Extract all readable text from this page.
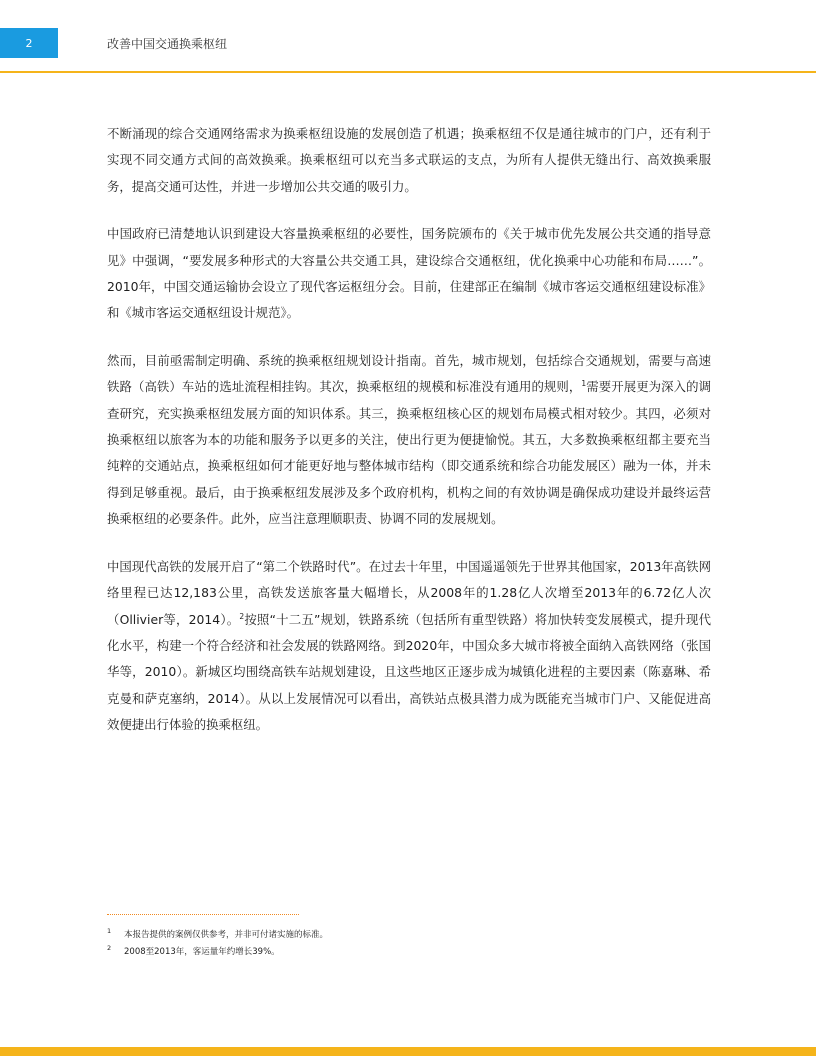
2	改善中国交通换乘枢纽

不断涌现的综合交通网络需求为换乘枢纽设施的发展创造了机遇；换乘枢纽不仅是通往城市的门户，还有利于实现不同交通方式间的高效换乘。换乘枢纽可以充当多式联运的支点，为所有人提供无缝出行、高效换乘服务，提高交通可达性，并进一步增加公共交通的吸引力。

中国政府已清楚地认识到建设大容量换乘枢纽的必要性，国务院颁布的《关于城市优先发展公共交通的指导意见》中强调，“要发展多种形式的大容量公共交通工具，建设综合交通枢纽，优化换乘中心功能和布局……”。2010年，中国交通运输协会设立了现代客运枢纽分会。目前，住建部正在编制《城市客运交通枢纽建设标准》和《城市客运交通枢纽设计规范》。

然而，目前亟需制定明确、系统的换乘枢纽规划设计指南。首先，城市规划，包括综合交通规划，需要与高速铁路（高铁）车站的选址流程相挂钩。其次，换乘枢纽的规模和标准没有通用的规则，$^1$需要开展更为深入的调查研究，充实换乘枢纽发展方面的知识体系。其三，换乘枢纽核心区的规划布局模式相对较少。其四，必须对换乘枢纽以旅客为本的功能和服务予以更多的关注，使出行更为便捷愉悦。其五，大多数换乘枢纽都主要充当纯粹的交通站点，换乘枢纽如何才能更好地与整体城市结构（即交通系统和综合功能发展区）融为一体，并未得到足够重视。最后，由于换乘枢纽发展涉及多个政府机构，机构之间的有效协调是确保成功建设并最终运营换乘枢纽的必要条件。此外，应当注意理顺职责、协调不同的发展规划。

中国现代高铁的发展开启了“第二个铁路时代”。在过去十年里，中国遥遥领先于世界其他国家，2013年高铁网络里程已达12,183公里，高铁发送旅客量大幅增长，从2008年的1.28亿人次增至2013年的6.72亿人次（Ollivier等，2014）。$^2$按照“十二五”规划，铁路系统（包括所有重型铁路）将加快转变发展模式，提升现代化水平，构建一个符合经济和社会发展的铁路网络。到2020年，中国众多大城市将被全面纳入高铁网络（张国华等，2010）。新城区均围绕高铁车站规划建设，且这些地区正逐步成为城镇化进程的主要因素（陈嘉琳、希克曼和萨克塞纳，2014）。从以上发展情况可以看出，高铁站点极具潜力成为既能充当城市门户、又能促进高效便捷出行体验的换乘枢纽。

1	本报告提供的案例仅供参考，并非可付诸实施的标准。
2	2008至2013年，客运量年约增长39%。
